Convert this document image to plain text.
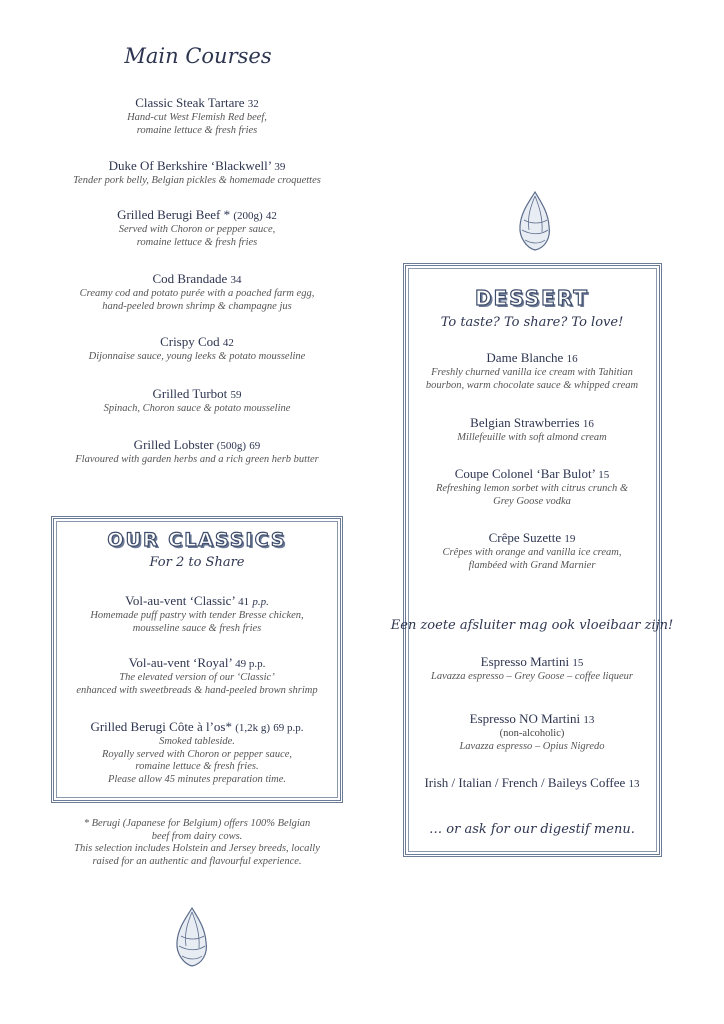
Main Courses
Classic Steak Tartare 32
Hand-cut West Flemish Red beef,
romaine lettuce & fresh fries
Duke Of Berkshire ‘Blackwell’ 39
Tender pork belly, Belgian pickles & homemade croquettes
Grilled Berugi Beef * (200g) 42
Served with Choron or pepper sauce,
romaine lettuce & fresh fries
Cod Brandade 34
Creamy cod and potato purée with a poached farm egg,
hand-peeled brown shrimp & champagne jus
Crispy Cod 42
Dijonnaise sauce, young leeks & potato mousseline
Grilled Turbot 59
Spinach, Choron sauce & potato mousseline
Grilled Lobster (500g) 69
Flavoured with garden herbs and a rich green herb butter
OUR CLASSICS
For 2 to Share
Vol-au-vent ‘Classic’ 41 p.p.
Homemade puff pastry with tender Bresse chicken,
mousseline sauce & fresh fries
Vol-au-vent ‘Royal’ 49 p.p.
The elevated version of our ‘Classic’
enhanced with sweetbreads & hand-peeled brown shrimp
Grilled Berugi Côte à l’os* (1,2k g) 69 p.p.
Smoked tableside.
Royally served with Choron or pepper sauce,
romaine lettuce & fresh fries.
Please allow 45 minutes preparation time.
* Berugi (Japanese for Belgium) offers 100% Belgian
beef from dairy cows.
This selection includes Holstein and Jersey breeds, locally
raised for an authentic and flavourful experience.
DESSERT
To taste? To share? To love!
Dame Blanche 16
Freshly churned vanilla ice cream with Tahitian
bourbon, warm chocolate sauce & whipped cream
Belgian Strawberries 16
Millefeuille with soft almond cream
Coupe Colonel ‘Bar Bulot’ 15
Refreshing lemon sorbet with citrus crunch &
Grey Goose vodka
Crêpe Suzette 19
Crêpes with orange and vanilla ice cream,
flambéed with Grand Marnier
Een zoete afsluiter mag ook vloeibaar zijn!
Espresso Martini 15
Lavazza espresso – Grey Goose – coffee liqueur
Espresso NO Martini 13
(non-alcoholic)
Lavazza espresso – Opius Nigredo
Irish / Italian / French / Baileys Coffee 13
… or ask for our digestif menu.
